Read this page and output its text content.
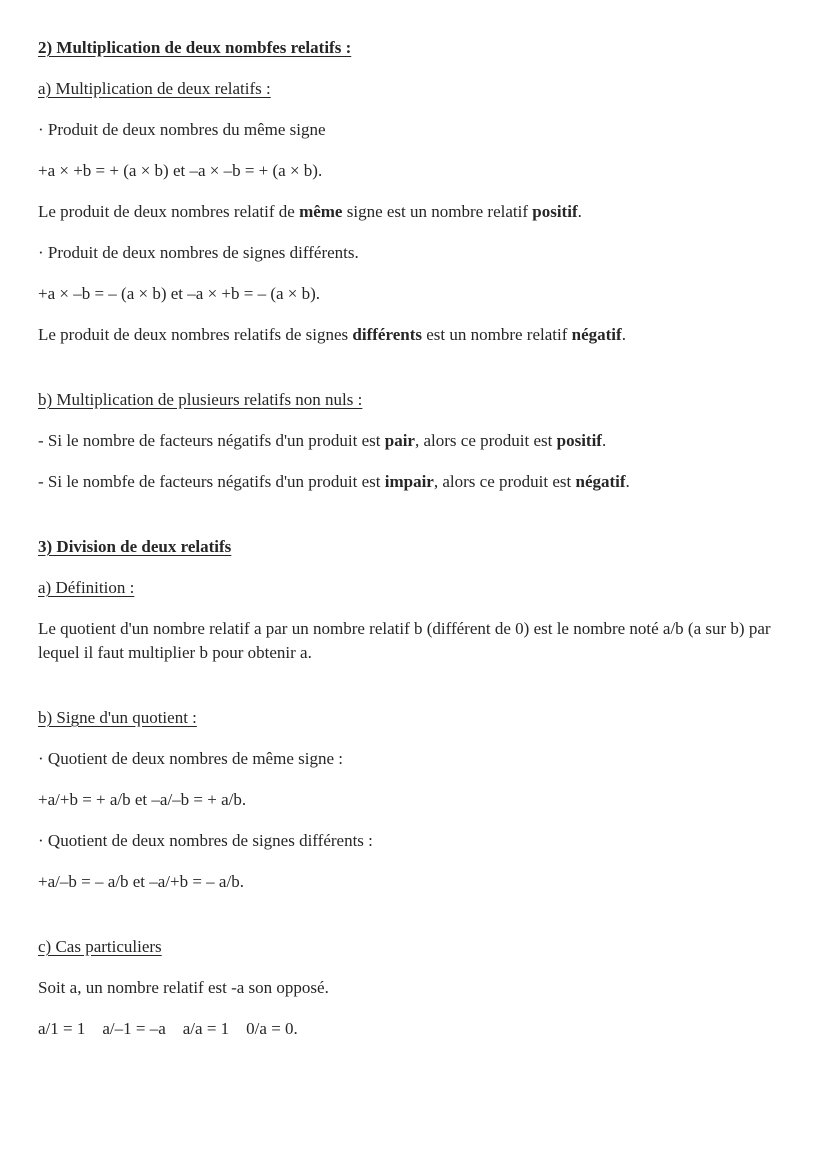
2) Multiplication de deux nombfes relatifs :

a) Multiplication de deux relatifs :

· Produit de deux nombres du même signe

+a × +b = + (a × b) et –a × –b = + (a × b).

Le produit de deux nombres relatif de même signe est un nombre relatif positif.

· Produit de deux nombres de signes différents.

+a × –b = – (a × b) et –a × +b = – (a × b).

Le produit de deux nombres relatifs de signes différents est un nombre relatif négatif.

b) Multiplication de plusieurs relatifs non nuls :

- Si le nombre de facteurs négatifs d'un produit est pair, alors ce produit est positif.

- Si le nombfe de facteurs négatifs d'un produit est impair, alors ce produit est négatif.

3) Division de deux relatifs

a) Définition :

Le quotient d'un nombre relatif a par un nombre relatif b (différent de 0) est le nombre noté a/b (a sur b) par lequel il faut multiplier b pour obtenir a.

b) Signe d'un quotient :

· Quotient de deux nombres de même signe :

+a/+b = + a/b et –a/–b = + a/b.

· Quotient de deux nombres de signes différents :

+a/–b = – a/b et –a/+b = – a/b.

c) Cas particuliers

Soit a, un nombre relatif est -a son opposé.

a/1 = 1 a/–1 = –a a/a = 1 0/a = 0.
